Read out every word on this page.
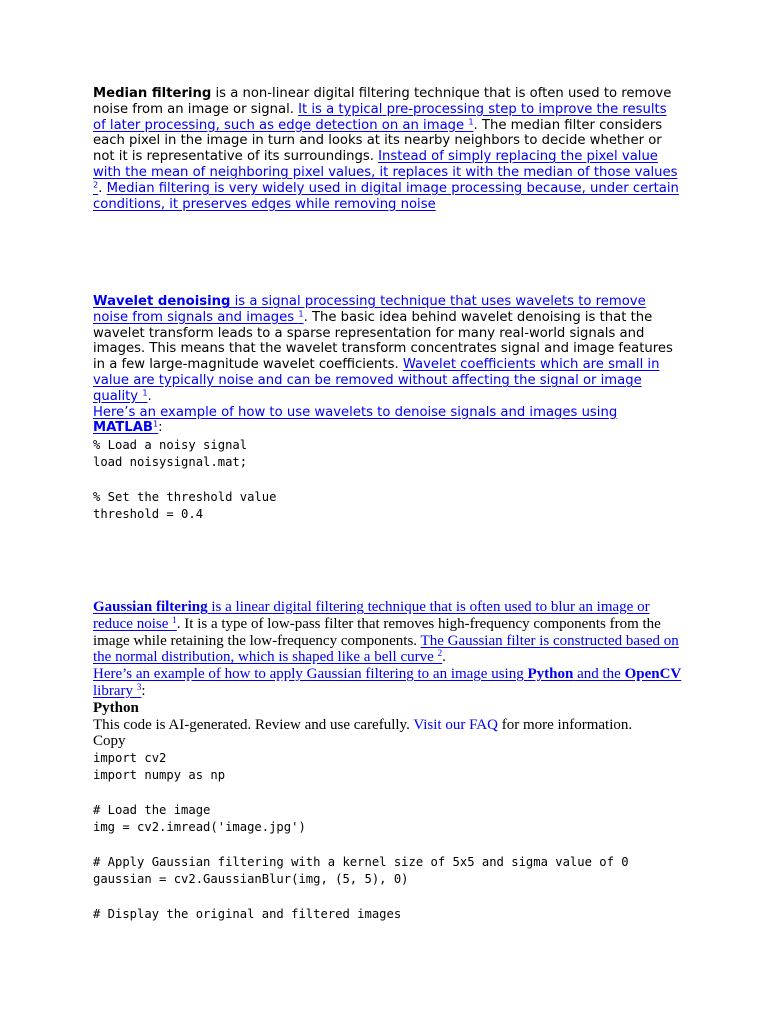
Median filtering is a non-linear digital filtering technique that is often used to remove noise from an image or signal. It is a typical pre-processing step to improve the results of later processing, such as edge detection on an image $^1$. The median filter considers each pixel in the image in turn and looks at its nearby neighbors to decide whether or not it is representative of its surroundings. Instead of simply replacing the pixel value with the mean of neighboring pixel values, it replaces it with the median of those values $^2$. Median filtering is very widely used in digital image processing because, under certain conditions, it preserves edges while removing noise

Wavelet denoising is a signal processing technique that uses wavelets to remove noise from signals and images $^1$. The basic idea behind wavelet denoising is that the wavelet transform leads to a sparse representation for many real-world signals and images. This means that the wavelet transform concentrates signal and image features in a few large-magnitude wavelet coefficients. Wavelet coefficients which are small in value are typically noise and can be removed without affecting the signal or image quality $^1$.
Here’s an example of how to use wavelets to denoise signals and images using MATLAB$^1$:

% Load a noisy signal
load noisysignal.mat;

% Set the threshold value
threshold = 0.4

Gaussian filtering is a linear digital filtering technique that is often used to blur an image or reduce noise $^1$. It is a type of low-pass filter that removes high-frequency components from the image while retaining the low-frequency components. The Gaussian filter is constructed based on the normal distribution, which is shaped like a bell curve $^2$.
Here’s an example of how to apply Gaussian filtering to an image using Python and the OpenCV library $^3$:

Python

This code is AI-generated. Review and use carefully. Visit our FAQ for more information.

Copy

import cv2
import numpy as np

# Load the image
img = cv2.imread('image.jpg')

# Apply Gaussian filtering with a kernel size of 5x5 and sigma value of 0
gaussian = cv2.GaussianBlur(img, (5, 5), 0)

# Display the original and filtered images
